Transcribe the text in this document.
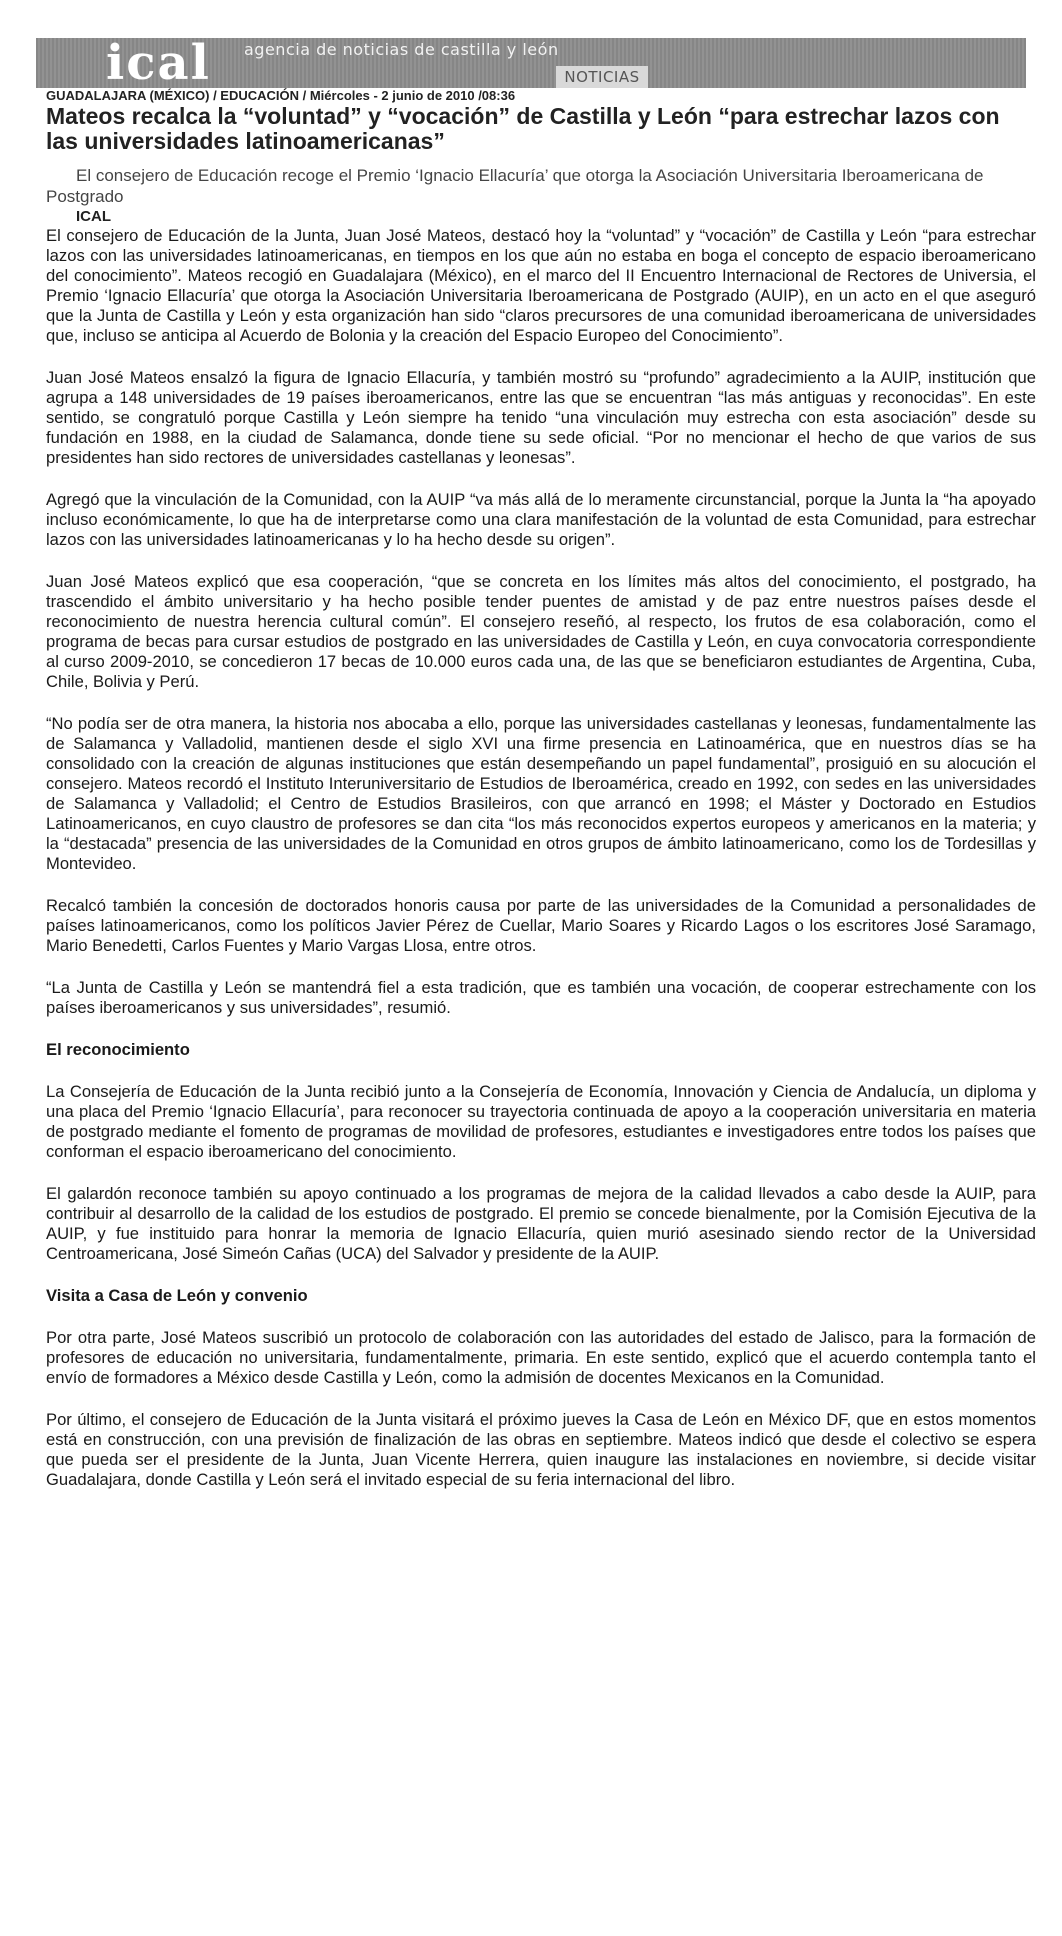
ical	agencia de noticias de castilla y león
NOTICIAS
GUADALAJARA (MÉXICO) / EDUCACIÓN / Miércoles - 2 junio de 2010 /08:36
Mateos recalca la “voluntad” y “vocación” de Castilla y León “para estrechar lazos con las universidades latinoamericanas”
El consejero de Educación recoge el Premio ‘Ignacio Ellacuría’ que otorga la Asociación Universitaria Iberoamericana de Postgrado
ICAL

El consejero de Educación de la Junta, Juan José Mateos, destacó hoy la “voluntad” y “vocación” de Castilla y León “para estrechar lazos con las universidades latinoamericanas, en tiempos en los que aún no estaba en boga el concepto de espacio iberoamericano del conocimiento”. Mateos recogió en Guadalajara (México), en el marco del II Encuentro Internacional de Rectores de Universia, el Premio ‘Ignacio Ellacuría’ que otorga la Asociación Universitaria Iberoamericana de Postgrado (AUIP), en un acto en el que aseguró que la Junta de Castilla y León y esta organización han sido “claros precursores de una comunidad iberoamericana de universidades que, incluso se anticipa al Acuerdo de Bolonia y la creación del Espacio Europeo del Conocimiento”.

Juan José Mateos ensalzó la figura de Ignacio Ellacuría, y también mostró su “profundo” agradecimiento a la AUIP, institución que agrupa a 148 universidades de 19 países iberoamericanos, entre las que se encuentran “las más antiguas y reconocidas”. En este sentido, se congratuló porque Castilla y León siempre ha tenido “una vinculación muy estrecha con esta asociación” desde su fundación en 1988, en la ciudad de Salamanca, donde tiene su sede oficial. “Por no mencionar el hecho de que varios de sus presidentes han sido rectores de universidades castellanas y leonesas”.

Agregó que la vinculación de la Comunidad, con la AUIP “va más allá de lo meramente circunstancial, porque la Junta la “ha apoyado incluso económicamente, lo que ha de interpretarse como una clara manifestación de la voluntad de esta Comunidad, para estrechar lazos con las universidades latinoamericanas y lo ha hecho desde su origen”.

Juan José Mateos explicó que esa cooperación, “que se concreta en los límites más altos del conocimiento, el postgrado, ha trascendido el ámbito universitario y ha hecho posible tender puentes de amistad y de paz entre nuestros países desde el reconocimiento de nuestra herencia cultural común”. El consejero reseñó, al respecto, los frutos de esa colaboración, como el programa de becas para cursar estudios de postgrado en las universidades de Castilla y León, en cuya convocatoria correspondiente al curso 2009-2010, se concedieron 17 becas de 10.000 euros cada una, de las que se beneficiaron estudiantes de Argentina, Cuba, Chile, Bolivia y Perú.

“No podía ser de otra manera, la historia nos abocaba a ello, porque las universidades castellanas y leonesas, fundamentalmente las de Salamanca y Valladolid, mantienen desde el siglo XVI una firme presencia en Latinoamérica, que en nuestros días se ha consolidado con la creación de algunas instituciones que están desempeñando un papel fundamental”, prosiguió en su alocución el consejero. Mateos recordó el Instituto Interuniversitario de Estudios de Iberoamérica, creado en 1992, con sedes en las universidades de Salamanca y Valladolid; el Centro de Estudios Brasileiros, con que arrancó en 1998; el Máster y Doctorado en Estudios Latinoamericanos, en cuyo claustro de profesores se dan cita “los más reconocidos expertos europeos y americanos en la materia; y la “destacada” presencia de las universidades de la Comunidad en otros grupos de ámbito latinoamericano, como los de Tordesillas y Montevideo.

Recalcó también la concesión de doctorados honoris causa por parte de las universidades de la Comunidad a personalidades de países latinoamericanos, como los políticos Javier Pérez de Cuellar, Mario Soares y Ricardo Lagos o los escritores José Saramago, Mario Benedetti, Carlos Fuentes y Mario Vargas Llosa, entre otros.

“La Junta de Castilla y León se mantendrá fiel a esta tradición, que es también una vocación, de cooperar estrechamente con los países iberoamericanos y sus universidades”, resumió.

El reconocimiento

La Consejería de Educación de la Junta recibió junto a la Consejería de Economía, Innovación y Ciencia de Andalucía, un diploma y una placa del Premio ‘Ignacio Ellacuría’, para reconocer su trayectoria continuada de apoyo a la cooperación universitaria en materia de postgrado mediante el fomento de programas de movilidad de profesores, estudiantes e investigadores entre todos los países que conforman el espacio iberoamericano del conocimiento.

El galardón reconoce también su apoyo continuado a los programas de mejora de la calidad llevados a cabo desde la AUIP, para contribuir al desarrollo de la calidad de los estudios de postgrado. El premio se concede bienalmente, por la Comisión Ejecutiva de la AUIP, y fue instituido para honrar la memoria de Ignacio Ellacuría, quien murió asesinado siendo rector de la Universidad Centroamericana, José Simeón Cañas (UCA) del Salvador y presidente de la AUIP.

Visita a Casa de León y convenio

Por otra parte, José Mateos suscribió un protocolo de colaboración con las autoridades del estado de Jalisco, para la formación de profesores de educación no universitaria, fundamentalmente, primaria. En este sentido, explicó que el acuerdo contempla tanto el envío de formadores a México desde Castilla y León, como la admisión de docentes Mexicanos en la Comunidad.

Por último, el consejero de Educación de la Junta visitará el próximo jueves la Casa de León en México DF, que en estos momentos está en construcción, con una previsión de finalización de las obras en septiembre. Mateos indicó que desde el colectivo se espera que pueda ser el presidente de la Junta, Juan Vicente Herrera, quien inaugure las instalaciones en noviembre, si decide visitar Guadalajara, donde Castilla y León será el invitado especial de su feria internacional del libro.
